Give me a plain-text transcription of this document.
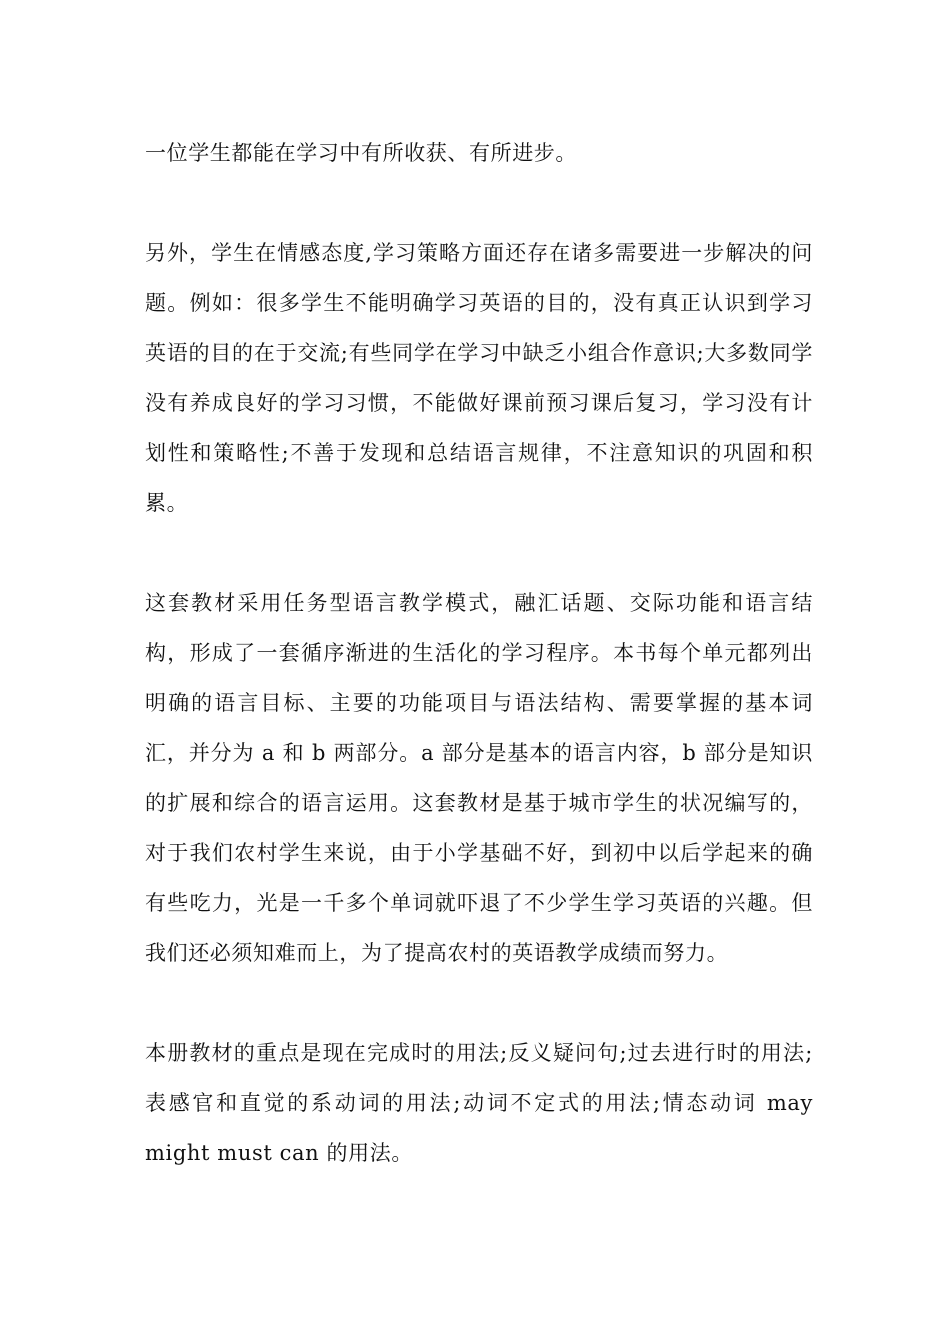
一位学生都能在学习中有所收获、有所进步。

另外，学生在情感态度,学习策略方面还存在诸多需要进一步解决的问题。例如：很多学生不能明确学习英语的目的，没有真正认识到学习英语的目的在于交流;有些同学在学习中缺乏小组合作意识;大多数同学没有养成良好的学习习惯，不能做好课前预习课后复习，学习没有计划性和策略性;不善于发现和总结语言规律，不注意知识的巩固和积累。

这套教材采用任务型语言教学模式，融汇话题、交际功能和语言结构，形成了一套循序渐进的生活化的学习程序。本书每个单元都列出明确的语言目标、主要的功能项目与语法结构、需要掌握的基本词汇，并分为 a 和 b 两部分。a 部分是基本的语言内容，b 部分是知识的扩展和综合的语言运用。这套教材是基于城市学生的状况编写的，对于我们农村学生来说，由于小学基础不好，到初中以后学起来的确有些吃力，光是一千多个单词就吓退了不少学生学习英语的兴趣。但我们还必须知难而上，为了提高农村的英语教学成绩而努力。

本册教材的重点是现在完成时的用法;反义疑问句;过去进行时的用法;表感官和直觉的系动词的用法;动词不定式的用法;情态动词 may might must can 的用法。
